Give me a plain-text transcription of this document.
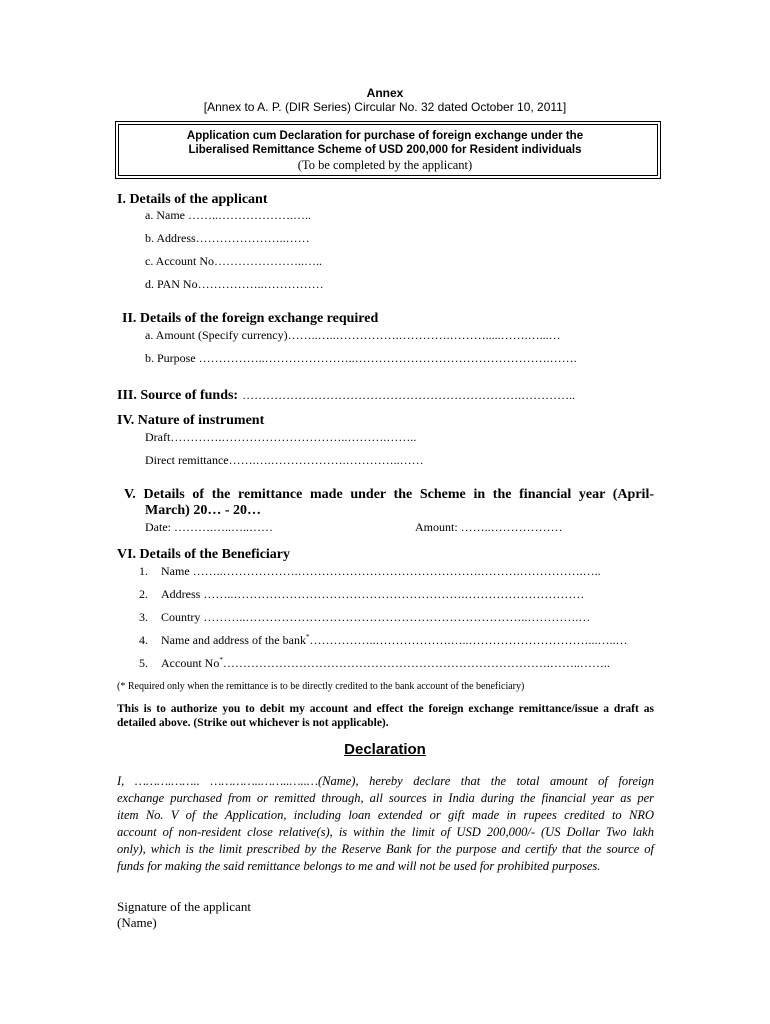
Annex
[Annex to A. P. (DIR Series) Circular No. 32 dated October 10, 2011]
Application cum Declaration for purchase of foreign exchange under the
Liberalised Remittance Scheme of USD 200,000 for Resident individuals
(To be completed by the applicant)
I. Details of the applicant
a. Name ……..……………….…..
b. Address…………………..……
c. Account No…………………..…..
d. PAN No……………..……………
II. Details of the foreign exchange required
a. Amount (Specify currency)……..…..…………….………….……….....…….…...…
b. Purpose ……………..…………………..………………………………………….…….
III. Source of funds: …………………………………………………………….…………..
IV. Nature of instrument
Draft………….…………………………..……….……..
Direct remittance…….….……………….…………..……
V. Details of the remittance made under the Scheme in the financial year (April-
March) 20… - 20…
Date: ……….…..…..……	Amount: ……..………………
VI. Details of the Beneficiary
1. Name ……..……………….……………………………………….……….…………….…..
2. Address ……..………………………………………………….…………………………
3. Country ………..……………………………………………………………..………….…
4. Name and address of the bank*……………..……………….…..…………………………...…..…
5. Account No*……………………………………………………………………….……..……..
(* Required only when the remittance is to be directly credited to the bank account of the beneficiary)
This is to authorize you to debit my account and effect the foreign exchange remittance/issue a draft as
detailed above. (Strike out whichever is not applicable).
Declaration
I, ……….…….. …………..……..…..…(Name), hereby declare that the total amount of foreign
exchange purchased from or remitted through, all sources in India during the financial year as per
item No. V of the Application, including loan extended or gift made in rupees credited to NRO
account of non-resident close relative(s), is within the limit of USD 200,000/- (US Dollar Two lakh
only), which is the limit prescribed by the Reserve Bank for the purpose and certify that the source of
funds for making the said remittance belongs to me and will not be used for prohibited purposes.
Signature of the applicant
(Name)
